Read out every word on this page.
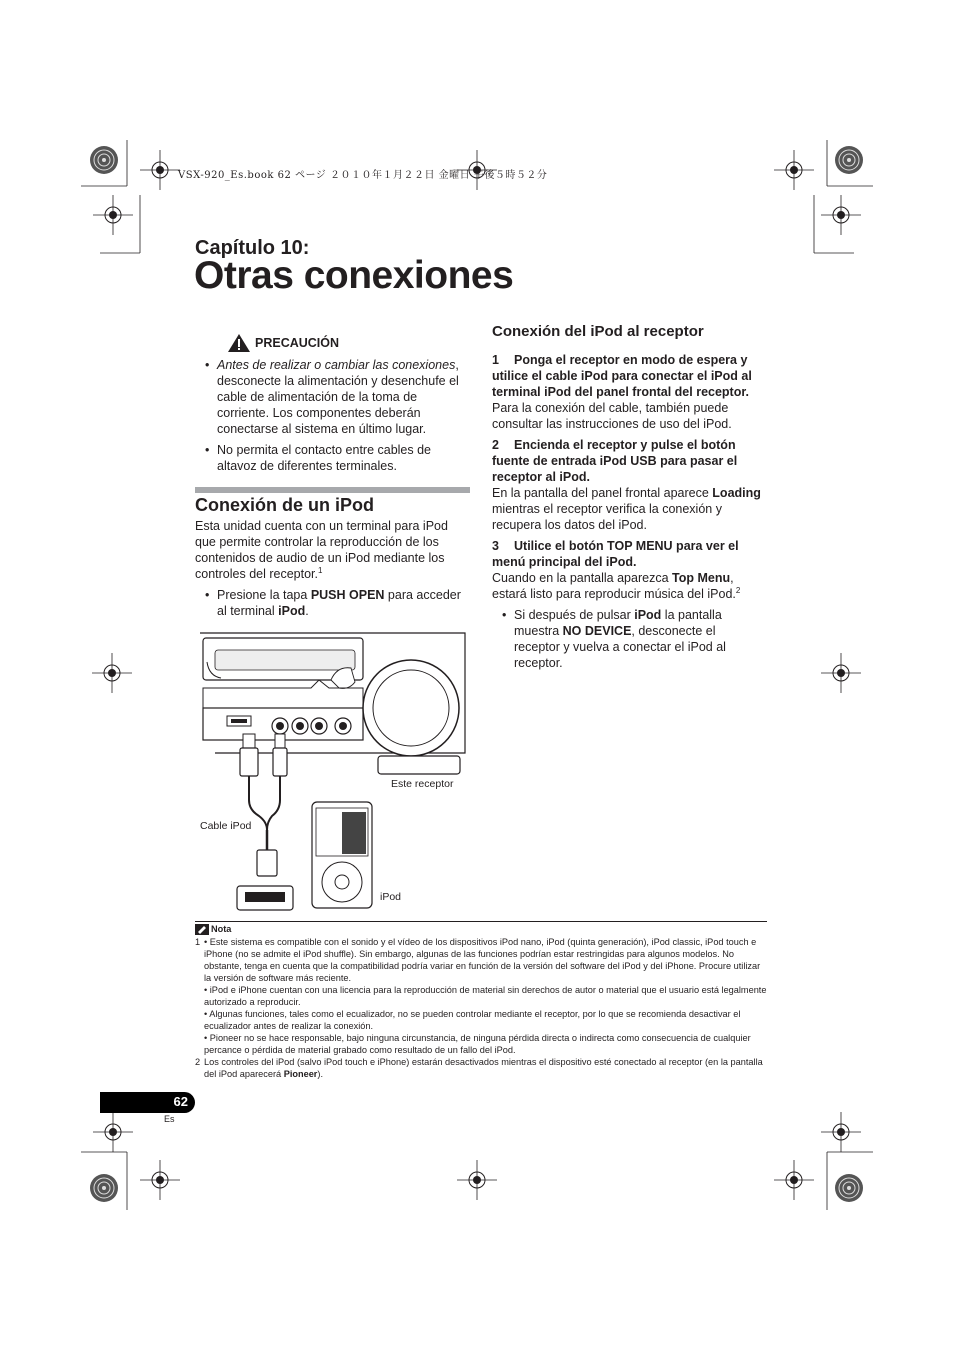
VSX-920_Es.book 62 ページ ２０１０年１月２２日 金曜日 午後５時５２分
Capítulo 10:
Otras conexiones
PRECAUCIÓN
• Antes de realizar o cambiar las conexiones, desconecte la alimentación y desenchufe el cable de alimentación de la toma de corriente. Los componentes deberán conectarse al sistema en último lugar.
• No permita el contacto entre cables de altavoz de diferentes terminales.
Conexión de un iPod
Esta unidad cuenta con un terminal para iPod que permite controlar la reproducción de los contenidos de audio de un iPod mediante los controles del receptor.$^1$
• Presione la tapa PUSH OPEN para acceder al terminal iPod.
Este receptor
Cable iPod
iPod
Conexión del iPod al receptor
1 Ponga el receptor en modo de espera y utilice el cable iPod para conectar el iPod al terminal iPod del panel frontal del receptor.
Para la conexión del cable, también puede consultar las instrucciones de uso del iPod.
2 Encienda el receptor y pulse el botón fuente de entrada iPod USB para pasar el receptor al iPod.
En la pantalla del panel frontal aparece Loading mientras el receptor verifica la conexión y recupera los datos del iPod.
3 Utilice el botón TOP MENU para ver el menú principal del iPod.
Cuando en la pantalla aparezca Top Menu, estará listo para reproducir música del iPod.$^2$
• Si después de pulsar iPod la pantalla muestra NO DEVICE, desconecte el receptor y vuelva a conectar el iPod al receptor.
Nota
1 • Este sistema es compatible con el sonido y el vídeo de los dispositivos iPod nano, iPod (quinta generación), iPod classic, iPod touch e iPhone (no se admite el iPod shuffle). Sin embargo, algunas de las funciones podrían estar restringidas para algunos modelos. No obstante, tenga en cuenta que la compatibilidad podría variar en función de la versión del software del iPod y del iPhone. Procure utilizar la versión de software más reciente.
• iPod e iPhone cuentan con una licencia para la reproducción de material sin derechos de autor o material que el usuario está legalmente autorizado a reproducir.
• Algunas funciones, tales como el ecualizador, no se pueden controlar mediante el receptor, por lo que se recomienda desactivar el ecualizador antes de realizar la conexión.
• Pioneer no se hace responsable, bajo ninguna circunstancia, de ninguna pérdida directa o indirecta como consecuencia de cualquier percance o pérdida de material grabado como resultado de un fallo del iPod.
2 Los controles del iPod (salvo iPod touch e iPhone) estarán desactivados mientras el dispositivo esté conectado al receptor (en la pantalla del iPod aparecerá Pioneer).
62
Es
